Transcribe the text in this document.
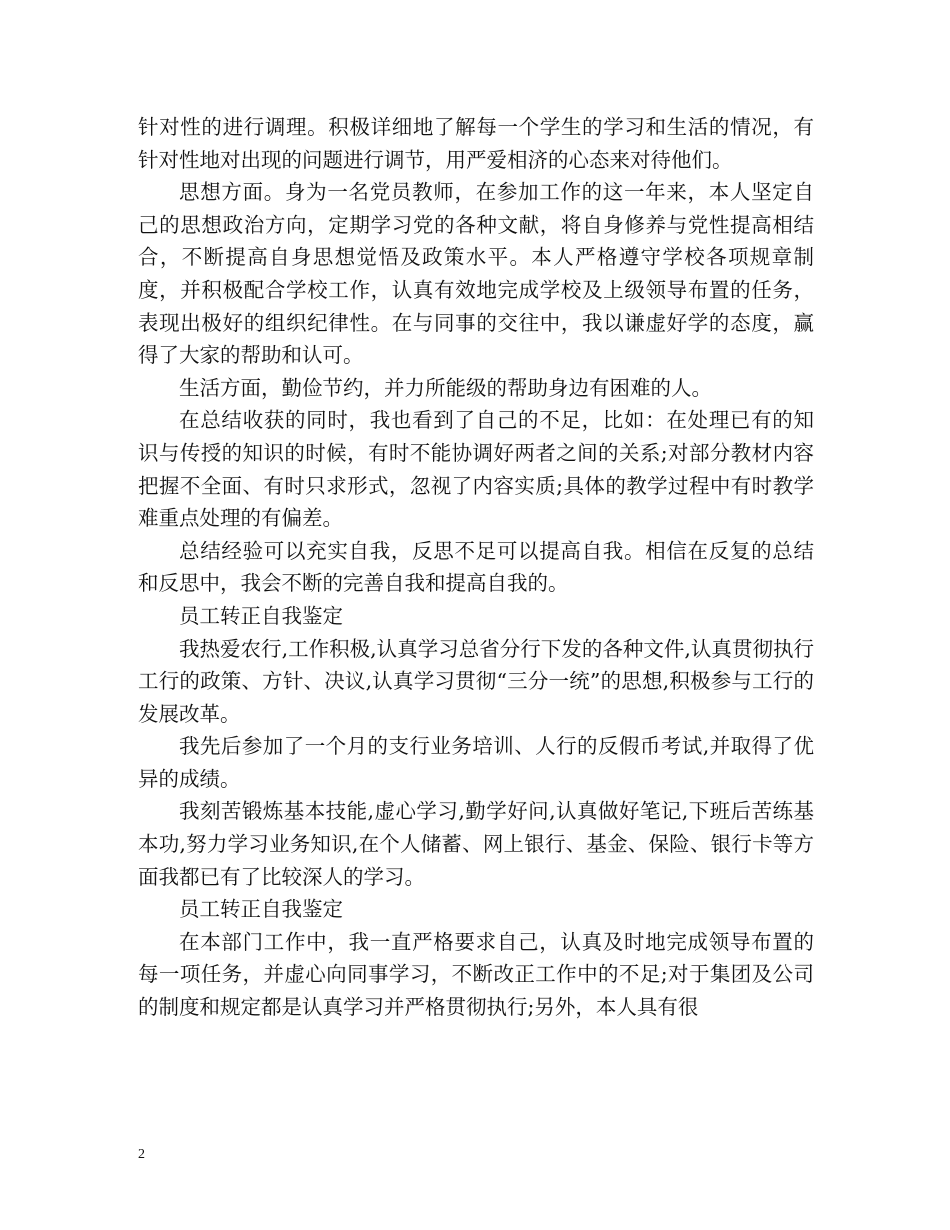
针对性的进行调理。积极详细地了解每一个学生的学习和生活的情况，有针对性地对出现的问题进行调节，用严爱相济的心态来对待他们。

思想方面。身为一名党员教师，在参加工作的这一年来，本人坚定自己的思想政治方向，定期学习党的各种文献，将自身修养与党性提高相结合，不断提高自身思想觉悟及政策水平。本人严格遵守学校各项规章制度，并积极配合学校工作，认真有效地完成学校及上级领导布置的任务，表现出极好的组织纪律性。在与同事的交往中，我以谦虚好学的态度，赢得了大家的帮助和认可。

生活方面，勤俭节约，并力所能级的帮助身边有困难的人。

在总结收获的同时，我也看到了自己的不足，比如：在处理已有的知识与传授的知识的时候，有时不能协调好两者之间的关系;对部分教材内容把握不全面、有时只求形式，忽视了内容实质;具体的教学过程中有时教学难重点处理的有偏差。

总结经验可以充实自我，反思不足可以提高自我。相信在反复的总结和反思中，我会不断的完善自我和提高自我的。

员工转正自我鉴定

我热爱农行,工作积极,认真学习总省分行下发的各种文件,认真贯彻执行工行的政策、方针、决议,认真学习贯彻“三分一统”的思想,积极参与工行的发展改革。

我先后参加了一个月的支行业务培训、人行的反假币考试,并取得了优异的成绩。

我刻苦锻炼基本技能,虚心学习,勤学好问,认真做好笔记,下班后苦练基本功,努力学习业务知识,在个人储蓄、网上银行、基金、保险、银行卡等方面我都已有了比较深人的学习。

员工转正自我鉴定

在本部门工作中，我一直严格要求自己，认真及时地完成领导布置的每一项任务，并虚心向同事学习，不断改正工作中的不足;对于集团及公司的制度和规定都是认真学习并严格贯彻执行;另外，本人具有很

2
